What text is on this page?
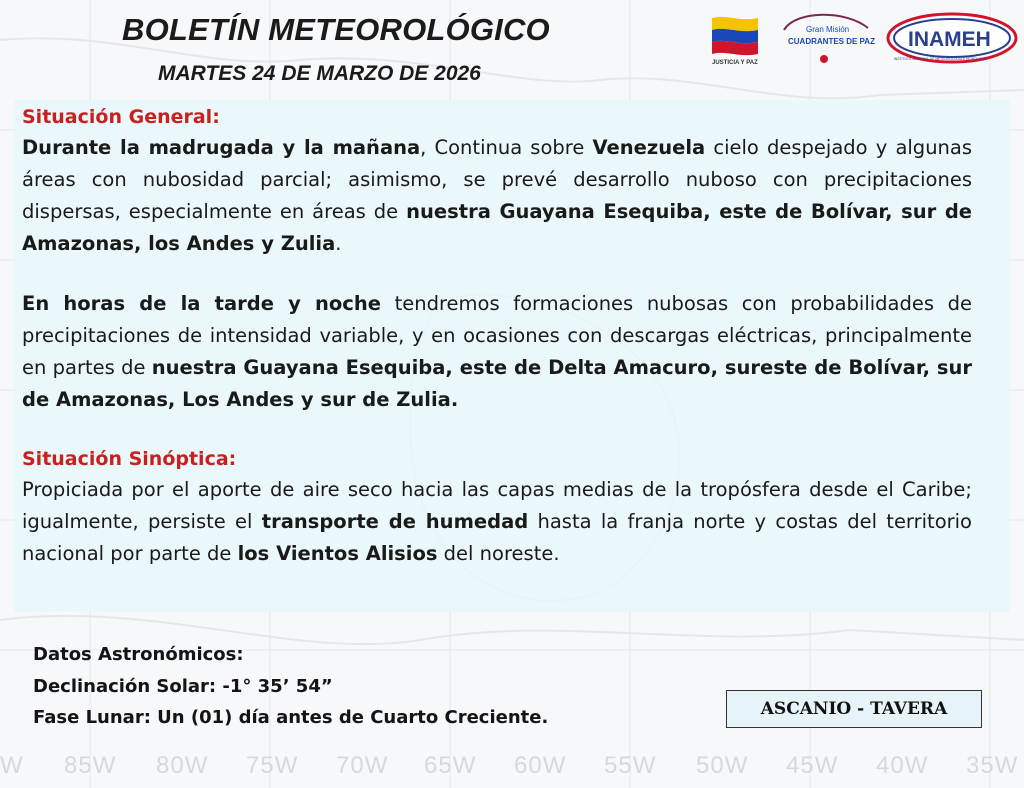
BOLETÍN METEOROLÓGICO
MARTES 24 DE MARZO DE 2026	JUSTICIA Y PAZ
Gran Misión
CUADRANTES DE PAZ INAMEH
INSTITUTO NACIONAL DE METEOROLOGÍA E HIDROLOGÍA
Situación General:
Durante la madrugada y la mañana, Continua sobre Venezuela cielo despejado y algunas áreas con nubosidad parcial; asimismo, se prevé desarrollo nuboso con precipitaciones dispersas, especialmente en áreas de nuestra Guayana Esequiba, este de Bolívar, sur de Amazonas, los Andes y Zulia.
En horas de la tarde y noche tendremos formaciones nubosas con probabilidades de precipitaciones de intensidad variable, y en ocasiones con descargas eléctricas, principalmente en partes de nuestra Guayana Esequiba, este de Delta Amacuro, sureste de Bolívar, sur de Amazonas, Los Andes y sur de Zulia.
Situación Sinóptica:
Propiciada por el aporte de aire seco hacia las capas medias de la tropósfera desde el Caribe; igualmente, persiste el transporte de humedad hasta la franja norte y costas del territorio nacional por parte de los Vientos Alisios del noreste.
Datos Astronómicos:
Declinación Solar: -1° 35’ 54”
Fase Lunar: Un (01) día antes de Cuarto Creciente.	ASCANIO - TAVERA
W 85W 80W 75W 70W 65W 60W 55W 50W 45W 40W 35W
